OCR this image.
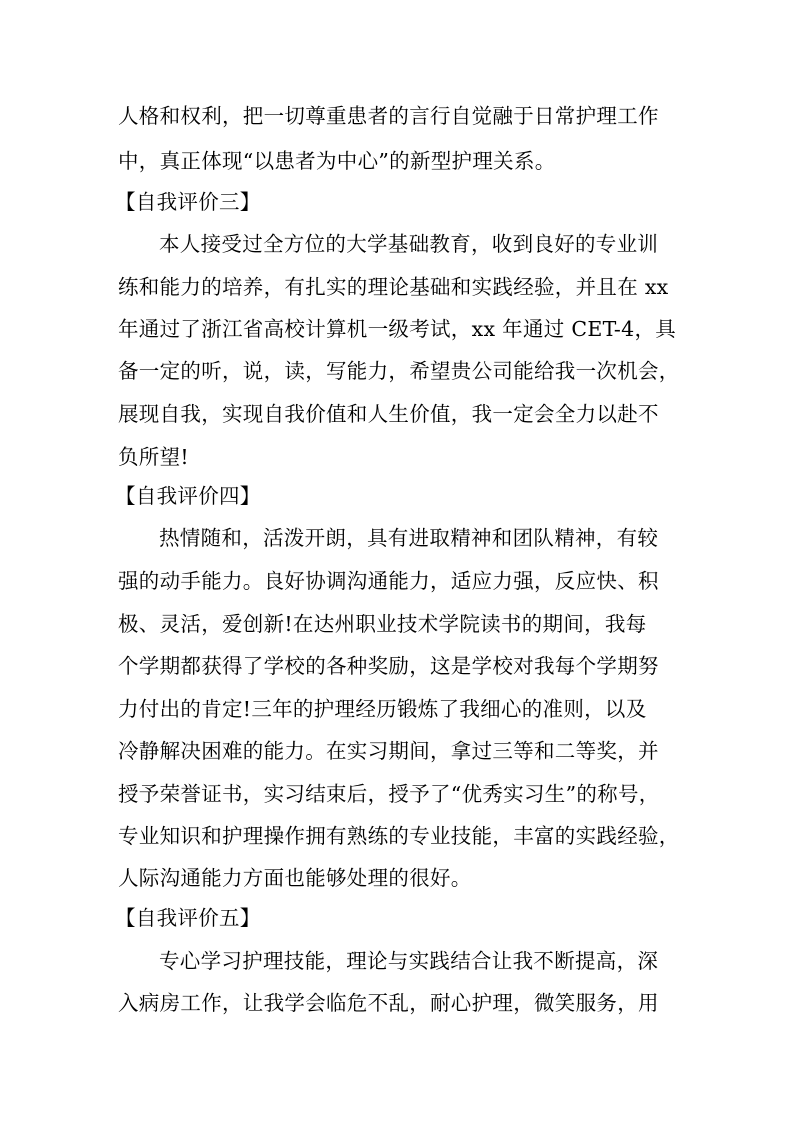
人格和权利，把一切尊重患者的言行自觉融于日常护理工作
中，真正体现“以患者为中心”的新型护理关系。
【自我评价三】
本人接受过全方位的大学基础教育，收到良好的专业训
练和能力的培养，有扎实的理论基础和实践经验，并且在 xx
年通过了浙江省高校计算机一级考试，xx 年通过 CET-4，具
备一定的听，说，读，写能力，希望贵公司能给我一次机会，
展现自我，实现自我价值和人生价值，我一定会全力以赴不
负所望!
【自我评价四】
热情随和，活泼开朗，具有进取精神和团队精神，有较
强的动手能力。良好协调沟通能力，适应力强，反应快、积
极、灵活，爱创新!在达州职业技术学院读书的期间，我每
个学期都获得了学校的各种奖励，这是学校对我每个学期努
力付出的肯定!三年的护理经历锻炼了我细心的准则，以及
冷静解决困难的能力。在实习期间，拿过三等和二等奖，并
授予荣誉证书，实习结束后，授予了“优秀实习生”的称号，
专业知识和护理操作拥有熟练的专业技能，丰富的实践经验，
人际沟通能力方面也能够处理的很好。
【自我评价五】
专心学习护理技能，理论与实践结合让我不断提高，深
入病房工作，让我学会临危不乱，耐心护理，微笑服务，用
